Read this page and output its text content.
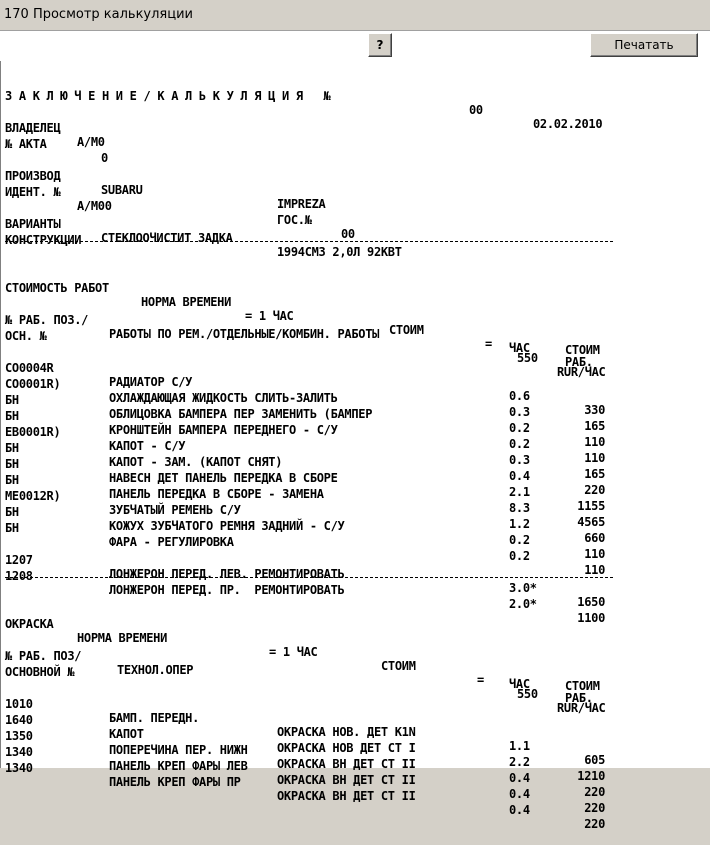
170 Просмотр калькуляции
?	Печатать

З А К Л Ю Ч Е Н И Е / К А Л Ь К У Л Я Ц И Я   №

00

02.02.2010

ВЛАДЕЛЕЦ

А/М0

№ АКТА

0

ПРОИЗВОД

SUBARU

IMPREZA

ИДЕНТ. №

А/М00

ГОС.№

00

ВАРИАНТЫ

СТЕКЛООЧИСТИТ ЗАДКА

1994СМ3 2,0Л 92КВТ

КОНСТРУКЦИИ

СТОИМОСТЬ РАБОТ

НОРМА ВРЕМЕНИ

= 1 ЧАС

СТОИМ

=

550

RUR/ЧАС

№ РАБ. ПОЗ./

РАБОТЫ ПО РЕМ./ОТДЕЛЬНЫЕ/КОМБИН. РАБОТЫ

ЧАС

РАБ.

ОСН. №

СТОИМ

CO0004R

РАДИАТОР С/У

0.6

330

CO0001R)

ОХЛАЖДАЮЩАЯ ЖИДКОСТЬ СЛИТЬ-ЗАЛИТЬ

0.3

165

БН

ОБЛИЦОВКА БАМПЕРА ПЕР ЗАМЕНИТЬ (БАМПЕР

0.2

110

БН

КРОНШТЕЙН БАМПЕРА ПЕРЕДНЕГО - С/У

0.2

110

EB0001R)

КАПОТ - С/У

0.3

165

БН

КАПОТ - ЗАМ. (КАПОТ СНЯТ)

0.4

220

БН

НАВЕСН ДЕТ ПАНЕЛЬ ПЕРЕДКА В СБОРЕ

2.1

1155

БН

ПАНЕЛЬ ПЕРЕДКА В СБОРЕ - ЗАМЕНА

8.3

4565

ME0012R)

ЗУБЧАТЫЙ РЕМЕНЬ С/У

1.2

660

БН

КОЖУХ ЗУБЧАТОГО РЕМНЯ ЗАДНИЙ - С/У

0.2

110

БН

ФАРА - РЕГУЛИРОВКА

0.2

110

1207

ЛОНЖЕРОН ПЕРЕД. ЛЕВ. РЕМОНТИРОВАТЬ

3.0*

1650

1208

ЛОНЖЕРОН ПЕРЕД. ПР.  РЕМОНТИРОВАТЬ

2.0*

1100

ОКРАСКА

НОРМА ВРЕМЕНИ

= 1 ЧАС

СТОИМ

=

550

RUR/ЧАС

№ РАБ. ПОЗ/

ТЕХНОЛ.ОПЕР

ЧАС

РАБ.

ОСНОВНОЙ №

СТОИМ

1010

БАМП. ПЕРЕДН.

ОКРАСКА НОВ. ДЕТ К1N

1.1

605

1640

КАПОТ

ОКРАСКА НОВ ДЕТ СТ I

2.2

1210

1350

ПОПЕРЕЧИНА ПЕР. НИЖН

ОКРАСКА ВН ДЕТ СТ II

0.4

220

1340

ПАНЕЛЬ КРЕП ФАРЫ ЛЕВ

ОКРАСКА ВН ДЕТ СТ II

0.4

220

1340

ПАНЕЛЬ КРЕП ФАРЫ ПР

ОКРАСКА ВН ДЕТ СТ II

0.4

220
